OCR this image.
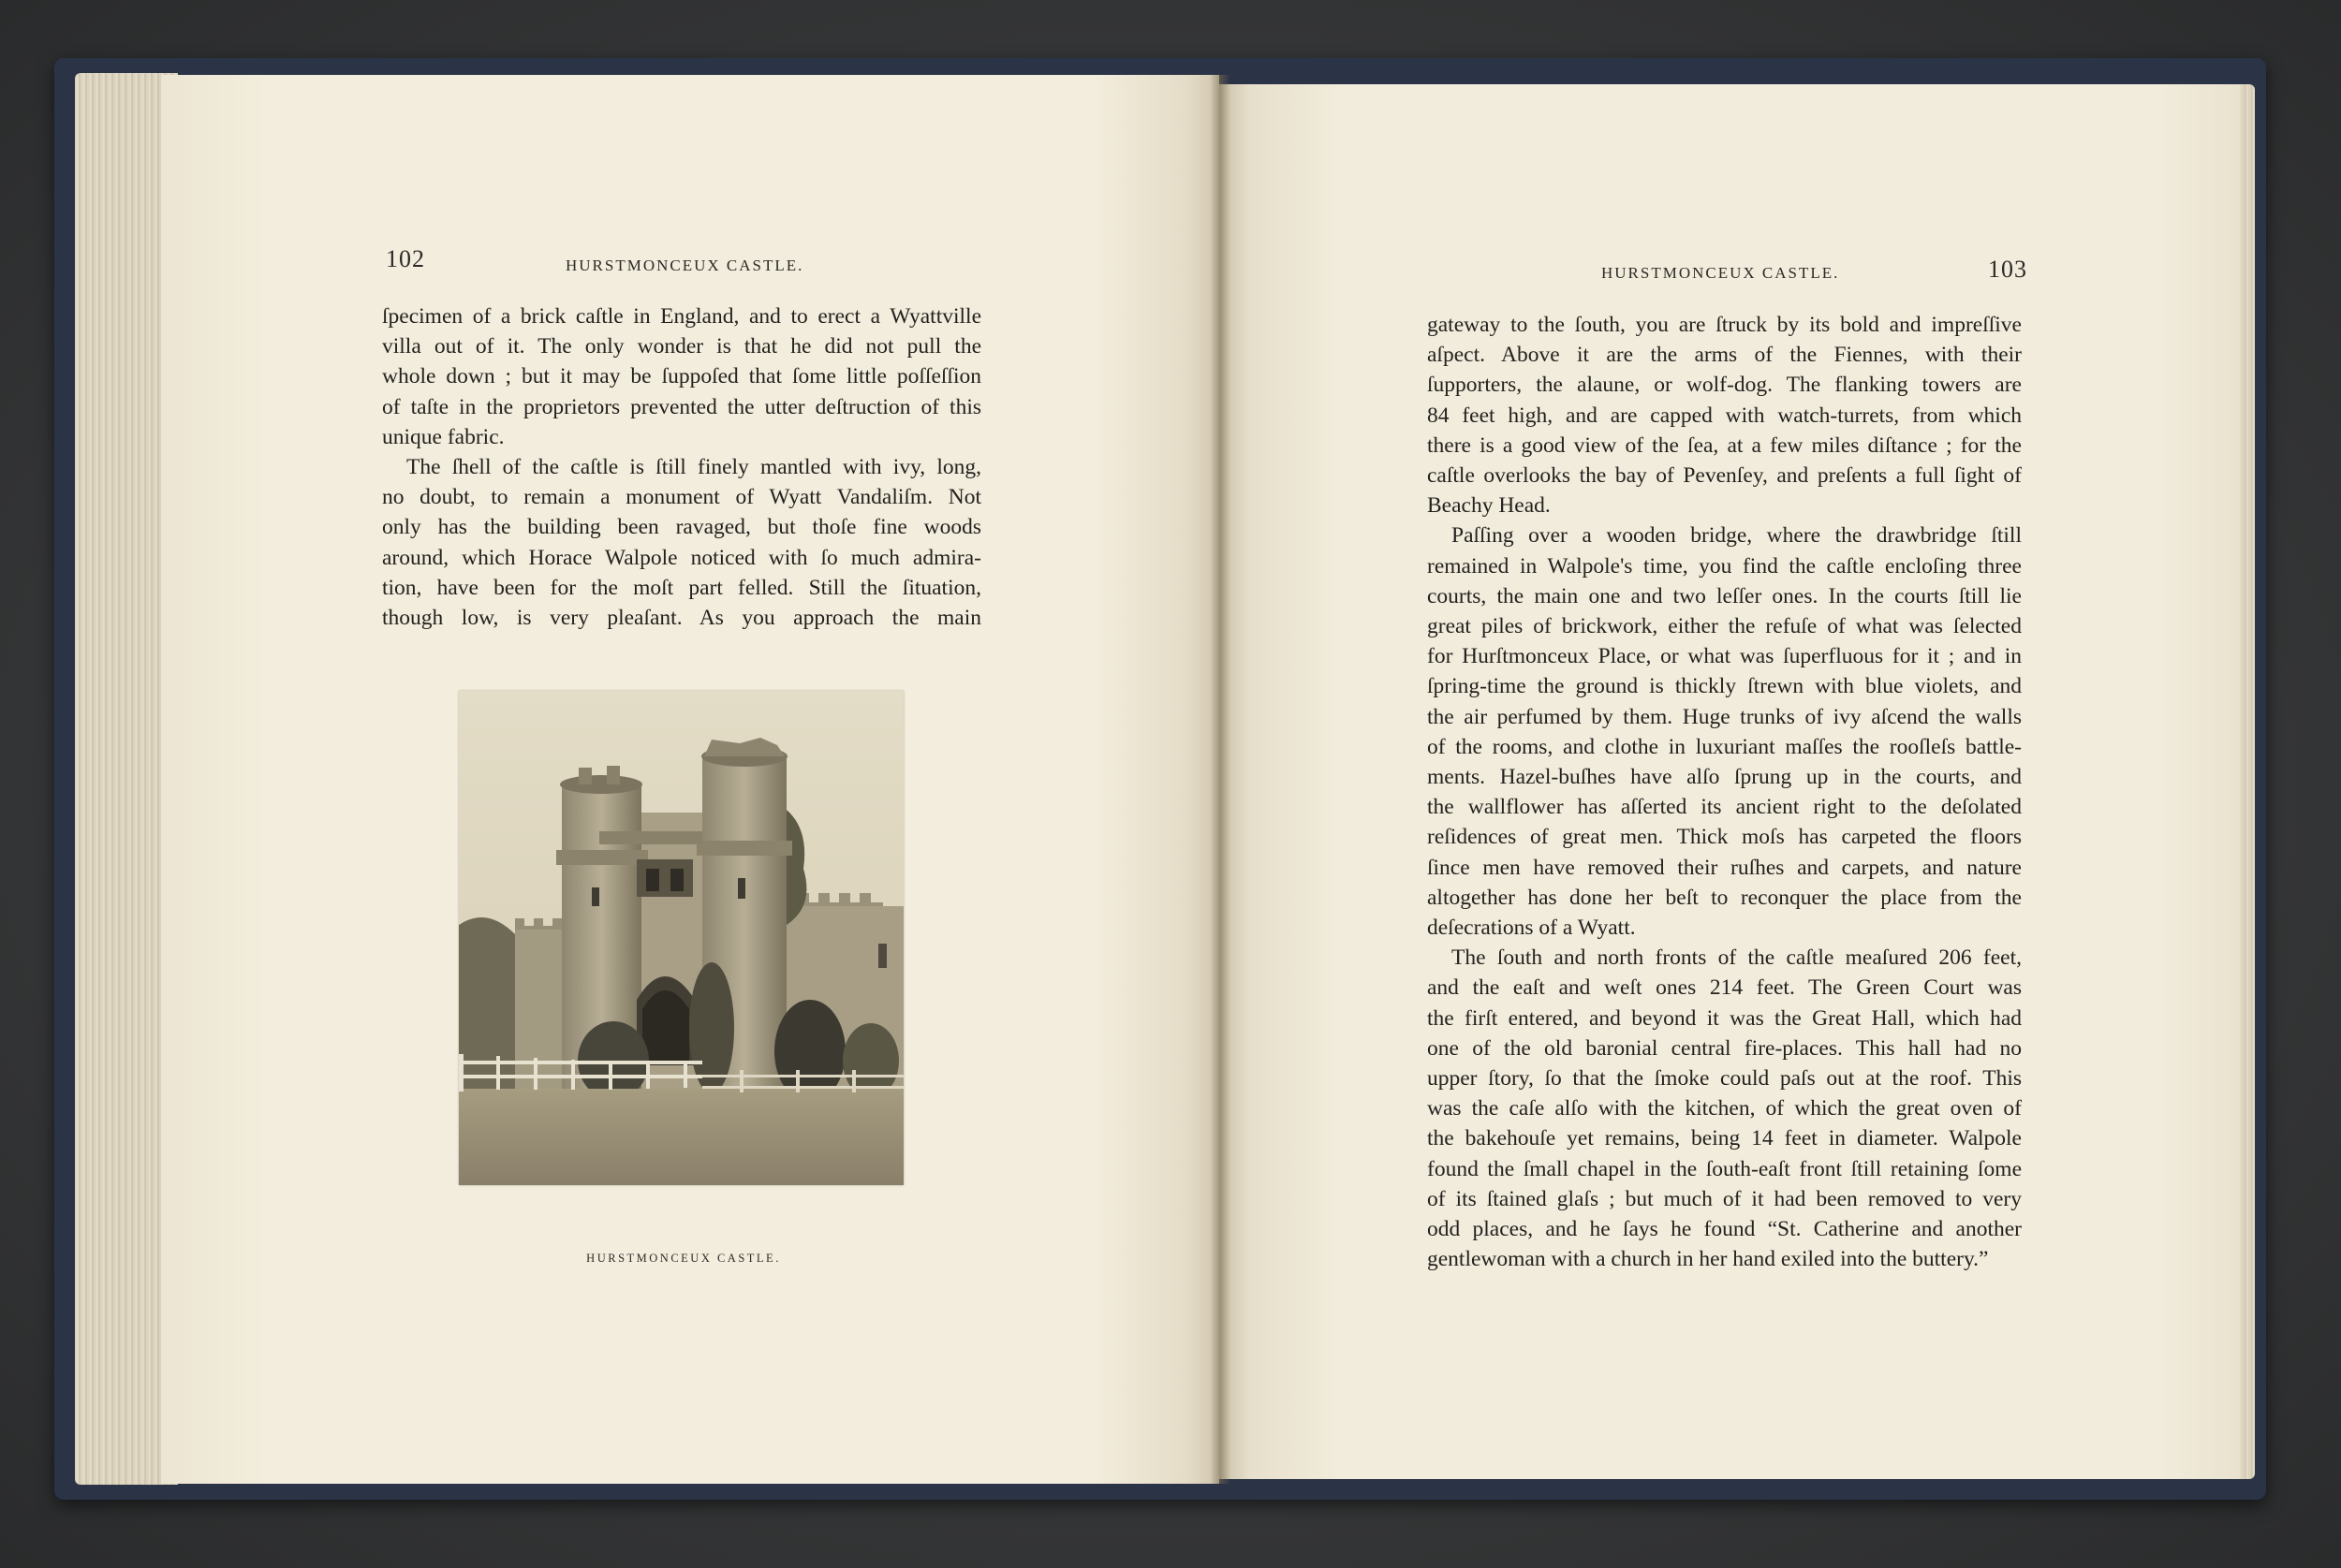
102	HURSTMONCEUX CASTLE.

ſpecimen of a brick caſtle in England, and to erect a Wyattville
villa out of it. The only wonder is that he did not pull the
whole down ; but it may be ſuppoſed that ſome little poſſeſſion
of taſte in the proprietors prevented the utter deſtruction of this

unique fabric.

The ſhell of the caſtle is ſtill finely mantled with ivy, long,
no doubt, to remain a monument of Wyatt Vandaliſm. Not
only has the building been ravaged, but thoſe fine woods
around, which Horace Walpole noticed with ſo much admira-
tion, have been for the moſt part felled. Still the ſituation,
though low, is very pleaſant. As you approach the main

HURSTMONCEUX CASTLE.
HURSTMONCEUX CASTLE.	103

gateway to the ſouth, you are ſtruck by its bold and impreſſive
aſpect. Above it are the arms of the Fiennes, with their
ſupporters, the alaune, or wolf-dog. The flanking towers are
84 feet high, and are capped with watch-turrets, from which
there is a good view of the ſea, at a few miles diſtance ; for the
caſtle overlooks the bay of Pevenſey, and preſents a full ſight of

Beachy Head.

Paſſing over a wooden bridge, where the drawbridge ſtill
remained in Walpole's time, you find the caſtle encloſing three
courts, the main one and two leſſer ones. In the courts ſtill lie
great piles of brickwork, either the refuſe of what was ſelected
for Hurſtmonceux Place, or what was ſuperfluous for it ; and in
ſpring-time the ground is thickly ſtrewn with blue violets, and
the air perfumed by them. Huge trunks of ivy aſcend the walls
of the rooms, and clothe in luxuriant maſſes the rooſleſs battle-
ments. Hazel-buſhes have alſo ſprung up in the courts, and
the wallflower has aſſerted its ancient right to the deſolated
reſidences of great men. Thick moſs has carpeted the floors
ſince men have removed their ruſhes and carpets, and nature
altogether has done her beſt to reconquer the place from the

deſecrations of a Wyatt.

The ſouth and north fronts of the caſtle meaſured 206 feet,
and the eaſt and weſt ones 214 feet. The Green Court was
the firſt entered, and beyond it was the Great Hall, which had
one of the old baronial central fire-places. This hall had no
upper ſtory, ſo that the ſmoke could paſs out at the roof. This
was the caſe alſo with the kitchen, of which the great oven of
the bakehouſe yet remains, being 14 feet in diameter. Walpole
found the ſmall chapel in the ſouth-eaſt front ſtill retaining ſome
of its ſtained glaſs ; but much of it had been removed to very
odd places, and he ſays he found “St. Catherine and another

gentlewoman with a church in her hand exiled into the buttery.”
